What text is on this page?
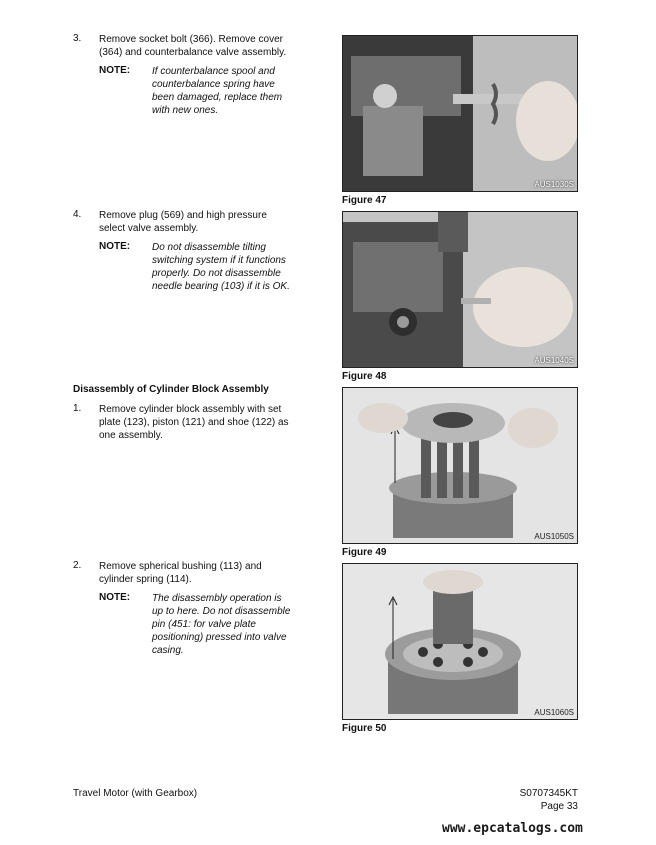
3.	Remove socket bolt (366). Remove cover
(364) and counterbalance valve assembly.
NOTE: If counterbalance spool and
counterbalance spring have
been damaged, replace them
with new ones.
4.	Remove plug (569) and high pressure
select valve assembly.
NOTE: Do not disassemble tilting
switching system if it functions
properly. Do not disassemble
needle bearing (103) if it is OK.
Disassembly of Cylinder Block Assembly
1.	Remove cylinder block assembly with set
plate (123), piston (121) and shoe (122) as
one assembly.
2.	Remove spherical bushing (113) and
cylinder spring (114).
NOTE: The disassembly operation is
up to here. Do not disassemble
pin (451: for valve plate
positioning) pressed into valve
casing.
AUS1030S
Figure 47
AUS1040S
Figure 48
AUS1050S
Figure 49
AUS1060S
Figure 50
Travel Motor (with Gearbox)	S0707345KT
Page 33
www.epcatalogs.com
